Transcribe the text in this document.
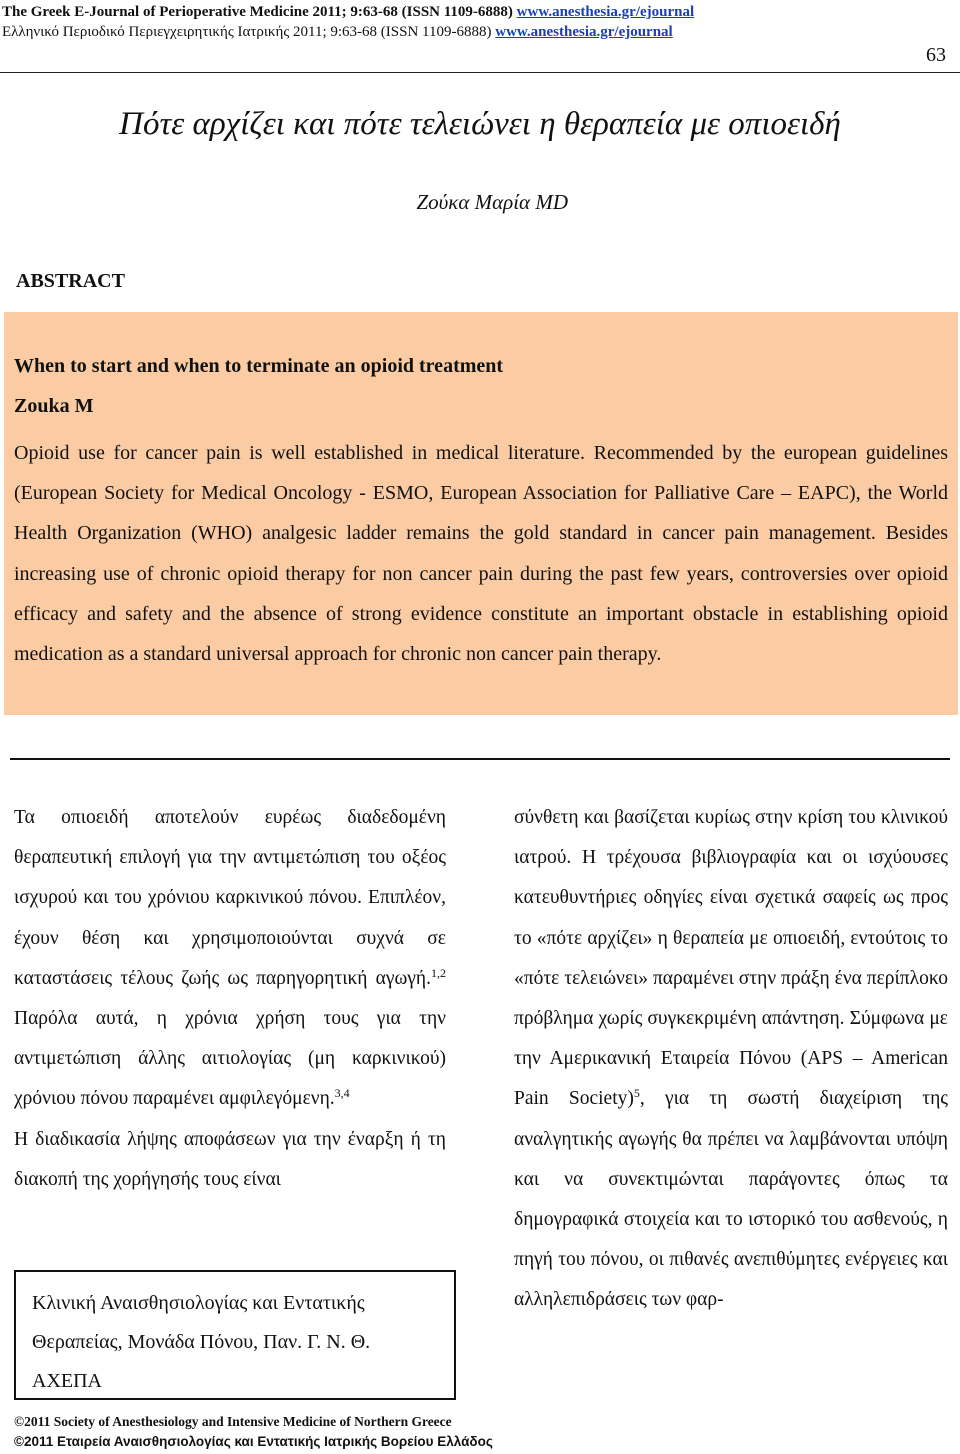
The Greek E-Journal of Perioperative Medicine 2011; 9:63-68 (ISSN 1109-6888) www.anesthesia.gr/ejournal
Ελληνικό Περιοδικό Περιεγχειρητικής Ιατρικής 2011; 9:63-68 (ISSN 1109-6888) www.anesthesia.gr/ejournal
63
Πότε αρχίζει και πότε τελειώνει η θεραπεία με οπιοειδή
Ζούκα Μαρία MD
ABSTRACT
When to start and when to terminate an opioid treatment
Zouka M
Opioid use for cancer pain is well established in medical literature. Recommended by the european guidelines (European Society for Medical Oncology - ESMO, European Association for Palliative Care – EAPC), the World Health Organization (WHO) analgesic ladder remains the gold standard in cancer pain management. Besides increasing use of chronic opioid therapy for non cancer pain during the past few years, controversies over opioid efficacy and safety and the absence of strong evidence constitute an important obstacle in establishing opioid medication as a standard universal approach for chronic non cancer pain therapy.

Τα οπιοειδή αποτελούν ευρέως διαδεδομένη θεραπευτική επιλογή για την αντιμετώπιση του οξέος ισχυρού και του χρόνιου καρκινικού πόνου. Επιπλέον, έχουν θέση και χρησιμοποιούνται συχνά σε καταστάσεις τέλους ζωής ως παρηγορητική αγωγή.$^{1,2}$ Παρόλα αυτά, η χρόνια χρήση τους για την αντιμετώπιση άλλης αιτιολογίας (μη καρκινικού) χρόνιου πόνου παραμένει αμφιλεγόμενη.$^{3,4}$

Η διαδικασία λήψης αποφάσεων για την έναρξη ή τη διακοπή της χορήγησής τους είναι

σύνθετη και βασίζεται κυρίως στην κρίση του κλινικού ιατρού. Η τρέχουσα βιβλιογραφία και οι ισχύουσες κατευθυντήριες οδηγίες είναι σχετικά σαφείς ως προς το «πότε αρχίζει» η θεραπεία με οπιοειδή, εντούτοις το «πότε τελειώνει» παραμένει στην πράξη ένα περίπλοκο πρόβλημα χωρίς συγκεκριμένη απάντηση. Σύμφωνα με την Αμερικανική Εταιρεία Πόνου (APS – American Pain Society)$^5$, για τη σωστή διαχείριση της αναλγητικής αγωγής θα πρέπει να λαμβάνονται υπόψη και να συνεκτιμώνται παράγοντες όπως τα δημογραφικά στοιχεία και το ιστορικό του ασθενούς, η πηγή του πόνου, οι πιθανές ανεπιθύμητες ενέργειες και αλληλεπιδράσεις των φαρ-

Κλινική Αναισθησιολογίας και Εντατικής
Θεραπείας, Μονάδα Πόνου, Παν. Γ. Ν. Θ.
ΑΧΕΠΑ
©2011 Society of Anesthesiology and Intensive Medicine of Northern Greece
©2011 Εταιρεία Αναισθησιολογίας και Εντατικής Ιατρικής Βορείου Ελλάδος
